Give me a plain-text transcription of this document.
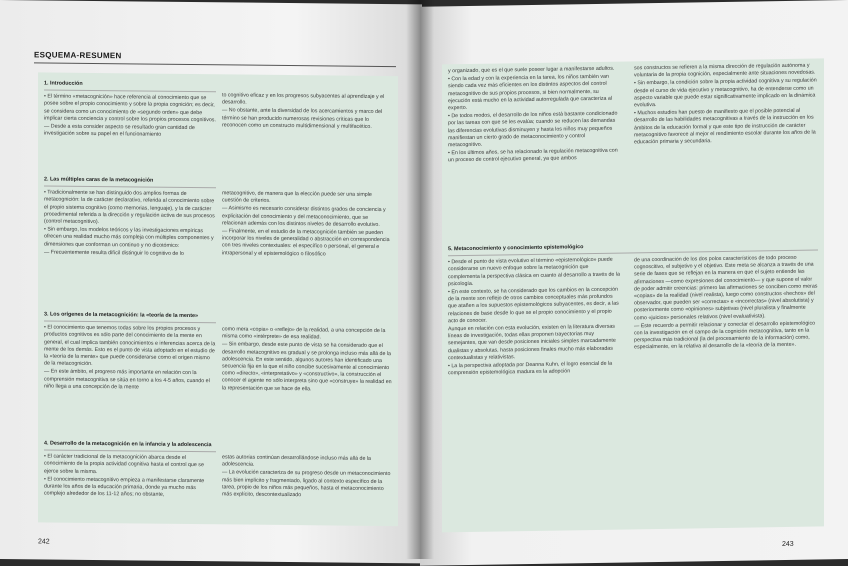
ESQUEMA-RESUMEN
1. Introducción

• El término «metacognición» hace referencia al conocimiento que se posee sobre el propio conocimiento y sobre la propia cognición; es decir, se considera como un conocimiento de «segundo orden» que debe implicar cierta conciencia y control sobre los propios procesos cognitivos.

— Desde a esta consider aspecto se resultado gran cantidad de investigación sobre su papel en el funcionamiento

to cognitivo eficaz y en los progresos subyacentes al aprendizaje y el desarrollo.

— No obstante, ante la diversidad de los acercamientos y marco del término se han producido numerosas revisiones críticas que lo reconocen como un constructo multidimensional y multifacético.

2. Las múltiples caras de la metacognición

• Tradicionalmente se han distinguido dos amplios formas de metacognición: la de carácter declarativo, referida al conocimiento sobre el propio sistema cognitivo (como memorias, lenguaje), y la de carácter procedimental referida a la dirección y regulación activa de sus procesos (control metacognitivo).

• Sin embargo, los modelos teóricos y las investigaciones empíricas ofrecen una realidad mucho más compleja con múltiples componentes y dimensiones que conforman un continuo y no dicotómico:

— Frecuentemente resulta difícil distinguir lo cognitivo de lo

metacognitivo, de manera que la elección puede ser una simple cuestión de criterios.

— Asimismo es necesario considerar distintos grados de conciencia y explicitación del conocimiento y del metaconocimiento, que se relacionan además con los distintos niveles de desarrollo evolutivo.

— Finalmente, en el estudio de la metacognición también se pueden incorporar los niveles de generalidad o abstracción en correspondencia con tres niveles contextuales: el específico o personal, el general e intrapersonal y el epistemológico o filosófico

3. Los orígenes de la metacognición: la «teoría de la mente»

• El conocimiento que tenemos todas sobre los propios procesos y productos cognitivos es sólo parte del conocimiento de la mente en general, el cual implica también conocimientos e inferencias acerca de la mente de los demás. Esto es el punto de vista adoptado en el estudio de la «teoría de la mente» que puede considerarse como el origen mismo de la metacognición.

— En este ámbito, el progreso más importante en relación con la comprensión metacognitiva se sitúa en torno a los 4-5 años, cuando el niño llega a una concepción de la mente

como mera «copia» o «reflejo» de la realidad, a una concepción de la misma como «intérprete» de esa realidad.

— Sin embargo, desde este punto de vista se ha considerado que el desarrollo metacognitivo es gradual y se prolonga incluso más allá de la adolescencia. En este sentido, algunos autores han identificado una secuencia fija en la que el niño concibe sucesivamente al conocimiento como «directo», «interpretativo» y «constructivo», la construcción el conocer el agente no sólo interpreta sino que «construye» la realidad en la representación que se hace de ella.

4. Desarrollo de la metacognición en la infancia y la adolescencia

• El carácter tradicional de la metacognición abarca desde el conocimiento de la propia actividad cognitiva hasta el control que se ejerce sobre la misma.

• El conocimiento metacognitivo empieza a manifestarse claramente durante los años de la educación primaria, donde ya mucho más complejo alrededor de los 11-12 años; no obstante,

estas autorías continúan desarrollándose incluso más allá de la adolescencia.

— La evolución caracteriza de su progreso desde un metaconocimiento más bien implícito y fragmentado, ligado al contexto específico de la tarea, propio de los niños más pequeños, hasta el metaconocimiento más explícito, descontextualizado

242

y organizado, que es el que suele poseer lugar a manifestarse adultos.

• Con la edad y con la experiencia en la tarea, los niños también van siendo cada vez más eficientes en los distintos aspectos del control metacognitivo de sus propios procesos, si bien normalmente, su ejecución está mucho en la actividad autorregulada que caracteriza al experto.

• De todos modos, el desarrollo de los niños está bastante condicionado por las tareas con que se les evalúa; cuando se reducen las demandas las diferencias evolutivas disminuyen y hasta los niños muy pequeños manifiestan un cierto grado de metaconocimiento y control metacognitivo.

• En los últimos años, se ha relacionado la regulación metacognitiva con un proceso de control ejecutivo general, ya que ambos

sos constructos se refieren a la misma dirección de regulación autónoma y voluntaria de la propia cognición, especialmente ante situaciones novedosas.

• Sin embargo, la condición sobre la propia actividad cognitiva y su regulación desde el curso de vida ejecutivo y metacognitivo, ha de entenderse como un aspecto variable que puede estar significativamente implicado en la dinámica evolutiva.

• Muchos estudios han puesto de manifiesto que el posible potencial al desarrollo de las habilidades metacognitivas a través de la instrucción en los ámbitos de la educación formal y que este tipo de instrucción de carácter metacognitivo favorece al mejor el rendimiento escolar durante los años de la educación primaria y secundaria.

5. Metaconocimiento y conocimiento epistemológico

• Desde el punto de vista evolutivo el término «epistemológico» puede considerarse un nuevo enfoque sobre la metacognición que complementa la perspectiva clásica en cuanto al desarrollo a través de la psicología.

• En este contexto, se ha considerado que los cambios en la concepción de la mente son reflejo de otros cambios conceptuales más profundos que atañen a los supuestos epistemológicos subyacentes, es decir, a las relaciones de base desde lo que se el propio conocimiento y el propio acto de conocer.

Aunque en relación con esta evolución, existen en la literatura diversas líneas de investigación, todas ellas proponen trayectorias muy semejantes, que van desde posiciones iniciales simples marcadamente dualistas y absolutas, hasta posiciones finales mucho más elaboradas contextualistas y relativistas.

• La la perspectiva adoptada por Deanna Kuhn, el logro esencial de la comprensión epistemológica madura es la adopción

de una coordinación de los dos polos característicos de todo proceso cognoscitivo, el subjetivo y el objetivo. Este meta se alcanza a través de una serie de fases que se reflejan en la manera en que el sujeto entiende las afirmaciones —como expresiones del conocimiento— y que supone el valor de poder admitir creencias: primero las afirmaciones se conciben como meras «copias» de la realidad (nivel realista), luego como constructos «hechos» del observador, que pueden ser «correctas» e «incorrectas» (nivel absolutista) y posteriormente como «opiniones» subjetivas (nivel pluralista y finalmente como «juicios» personales relativos (nivel evaluativista).

— Este recuerdo a permitir relacionar y conectar el desarrollo epistemológico con la investigación en el campo de la cognición metacognitiva, tanto en la perspectiva más tradicional (la del procesamiento de la información) como, especialmente, en la relativa al desarrollo de la «teoría de la mente».

243
